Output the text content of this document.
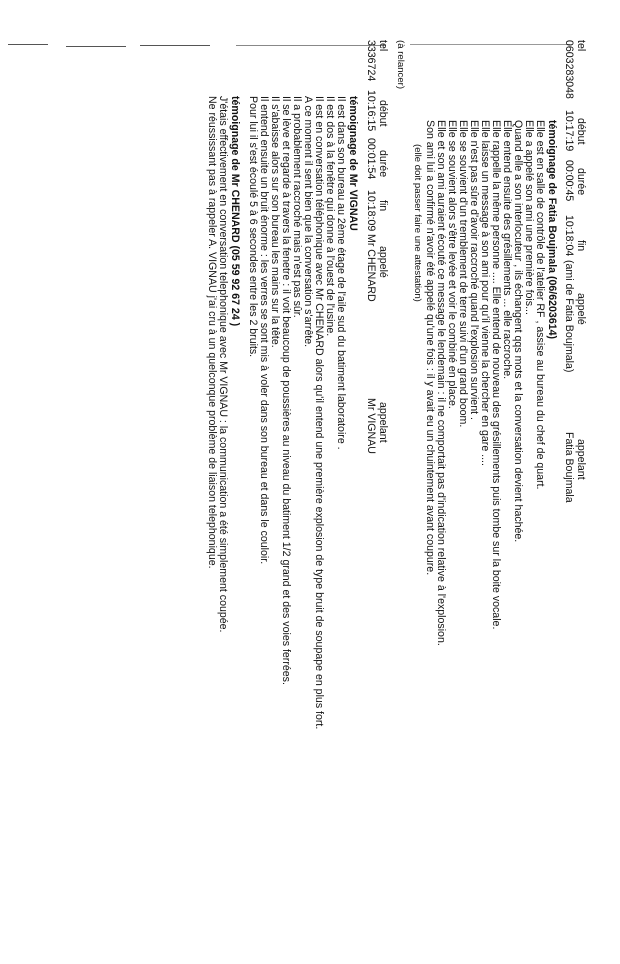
tel
début
durée
fin
appelé
appelant
0603283048
10:17:19
00:00:45
10:18:04
(ami de Fatia Boujmala)
Fatia Boujmala
témoignage de Fatia Boujmala (06/6203614)
Elle est en salle de contrôle de l'atelier RF , assise au bureau du chef de quart.
Elle a appelé son ami une première fois...
Quand elle a son interlocuteur , ils échangent qqs mots et la conversation devient hachée.
Elle entend ensuite des grésillements ... elle raccroche.
Elle rappelle la même personne .... Elle entend de nouveau des grésillements puis tombe sur la boite vocale.
Elle laisse un message à son ami pour qu'il vienne la chercher en gare ....
Elle n'est pas sûre d'avoir raccroché quand l'explosion survient .
Elle se souvient d'un tremblement de terre suivi d'un grand boom.
Elle se souvient alors s'être levée et voir le combiné en place.
Elle et son ami auraient écouté ce message le lendemain : il ne comportait pas d'indication relative à l'explosion.
Son ami lui a confirmé n'avoir été appelé qu'une fois : il y avait eu un chuintement avant coupure.
(elle doit passer faire une attestation)
(à relancer)
tel
début
durée
fin
appelé
appelant
3336724
10:16:15
00:01:54
10:18:09
Mr CHENARD
Mr VIGNAU
témoignage de Mr VIGNAU
Il est dans son bureau au 2ème étage de l'aile sud du batiment laboratoire .
Il est dos à la fenêtre qui donne à l'ouest de l'usine.
Il est en conversation téléphonique avec Mr CHENARD alors qu'il entend une première explosion de type bruit de soupape en plus fort.
A ce moment il sent bien que la conversation s'arrête.
Il a probablement raccroché mais n'est pas sûr.
Il se lève et regarde à travers la fenetre : il voit beaucoup de poussières au niveau du batiment 1/2 grand et des voies ferrées.
Il s'abaisse alors sur son bureau les mains sur la tête.
Il entend ensuite un bruit énorme : les verres se sont mis à voler dans son bureau et dans le couloir.
Pour lui il s'est écoulé 5 à 6 secondes entre les 2 bruits.
témoignage de Mr CHENARD (05 59 92 67 24 )
J'étais effectivement en conversation telephonique avec Mr VIGNAU : la communication a été simplement coupée.
Ne réussissant pas à rappeler A. VIGNAU j'ai cru à un quelconque problème de liaison telephonique.
